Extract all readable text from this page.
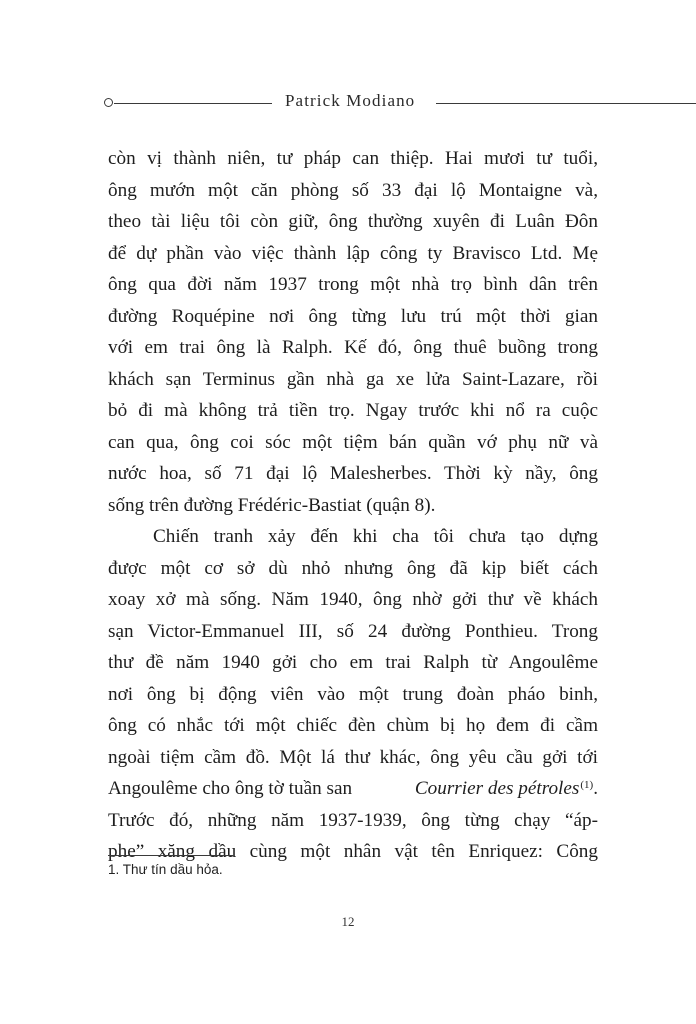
Patrick Modiano
còn vị thành niên, tư pháp can thiệp. Hai mươi tư tuổi,
ông mướn một căn phòng số 33 đại lộ Montaigne và,
theo tài liệu tôi còn giữ, ông thường xuyên đi Luân Đôn
để dự phần vào việc thành lập công ty Bravisco Ltd. Mẹ
ông qua đời năm 1937 trong một nhà trọ bình dân trên
đường Roquépine nơi ông từng lưu trú một thời gian
với em trai ông là Ralph. Kế đó, ông thuê buồng trong
khách sạn Terminus gần nhà ga xe lửa Saint-Lazare, rồi
bỏ đi mà không trả tiền trọ. Ngay trước khi nổ ra cuộc
can qua, ông coi sóc một tiệm bán quần vớ phụ nữ và
nước hoa, số 71 đại lộ Malesherbes. Thời kỳ nầy, ông
sống trên đường Frédéric-Bastiat (quận 8).
Chiến tranh xảy đến khi cha tôi chưa tạo dựng
được một cơ sở dù nhỏ nhưng ông đã kịp biết cách
xoay xở mà sống. Năm 1940, ông nhờ gởi thư về khách
sạn Victor-Emmanuel III, số 24 đường Ponthieu. Trong
thư đề năm 1940 gởi cho em trai Ralph từ Angoulême
nơi ông bị động viên vào một trung đoàn pháo binh,
ông có nhắc tới một chiếc đèn chùm bị họ đem đi cầm
ngoài tiệm cầm đồ. Một lá thư khác, ông yêu cầu gởi tới
Angoulême cho ông tờ tuần san	Courrier des pétroles$^{(1)}$.
Trước đó, những năm 1937-1939, ông từng chạy “áp-
phe” xăng dầu cùng một nhân vật tên Enriquez: Công
1. Thư tín dầu hỏa.
12
